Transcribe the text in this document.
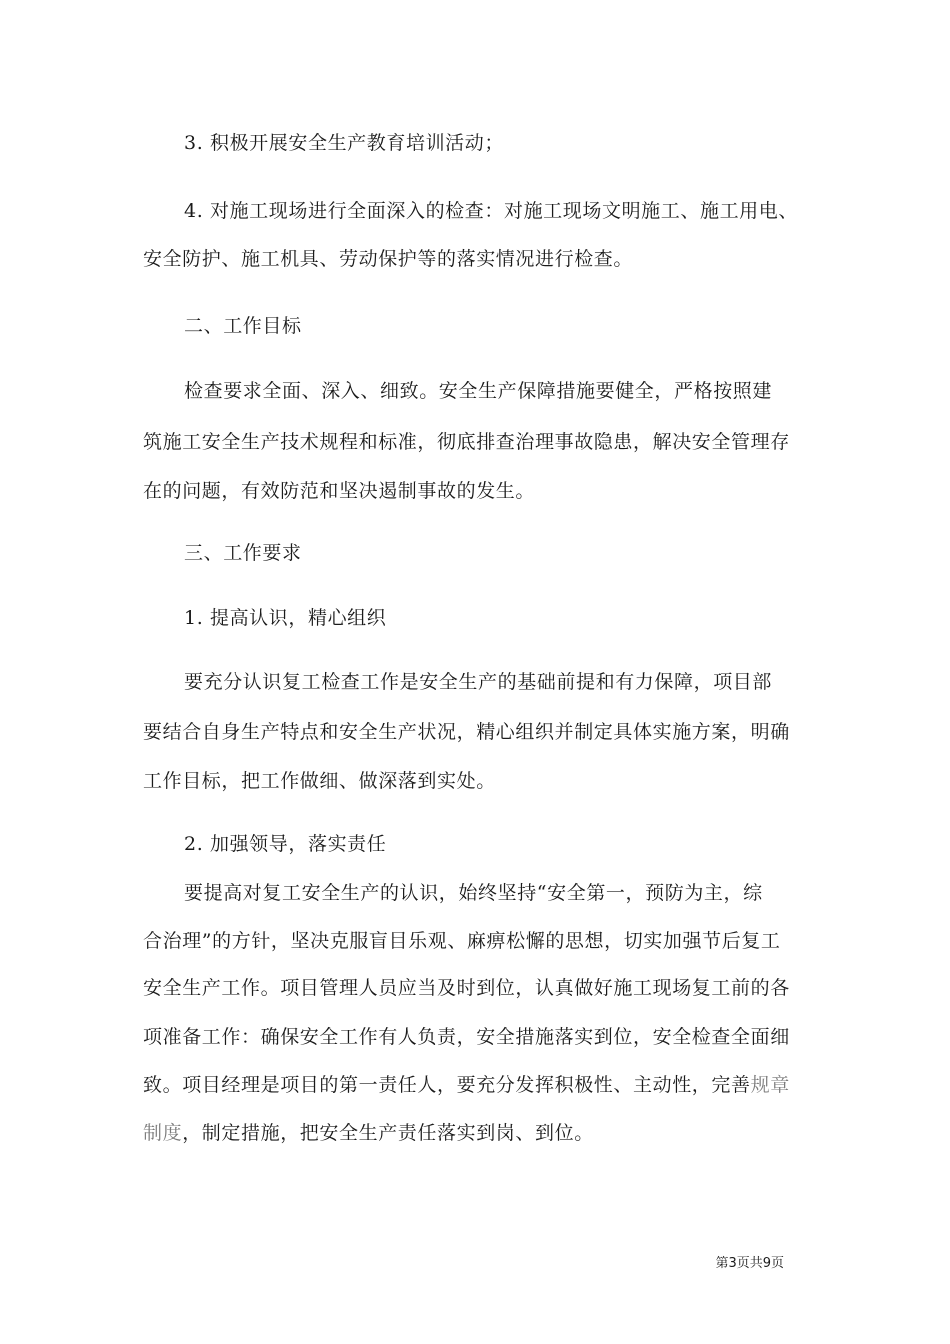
3. 积极开展安全生产教育培训活动；
4. 对施工现场进行全面深入的检查：对施工现场文明施工、施工用电、
安全防护、施工机具、劳动保护等的落实情况进行检查。
二、工作目标
检查要求全面、深入、细致。安全生产保障措施要健全，严格按照建
筑施工安全生产技术规程和标准，彻底排查治理事故隐患，解决安全管理存
在的问题，有效防范和坚决遏制事故的发生。
三、工作要求
1. 提高认识，精心组织
要充分认识复工检查工作是安全生产的基础前提和有力保障，项目部
要结合自身生产特点和安全生产状况，精心组织并制定具体实施方案，明确
工作目标，把工作做细、做深落到实处。
2. 加强领导，落实责任
要提高对复工安全生产的认识，始终坚持“安全第一，预防为主，综
合治理”的方针，坚决克服盲目乐观、麻痹松懈的思想，切实加强节后复工
安全生产工作。项目管理人员应当及时到位，认真做好施工现场复工前的各
项准备工作：确保安全工作有人负责，安全措施落实到位，安全检查全面细
致。项目经理是项目的第一责任人，要充分发挥积极性、主动性，完善规章
制度，制定措施，把安全生产责任落实到岗、到位。
第3页共9页
